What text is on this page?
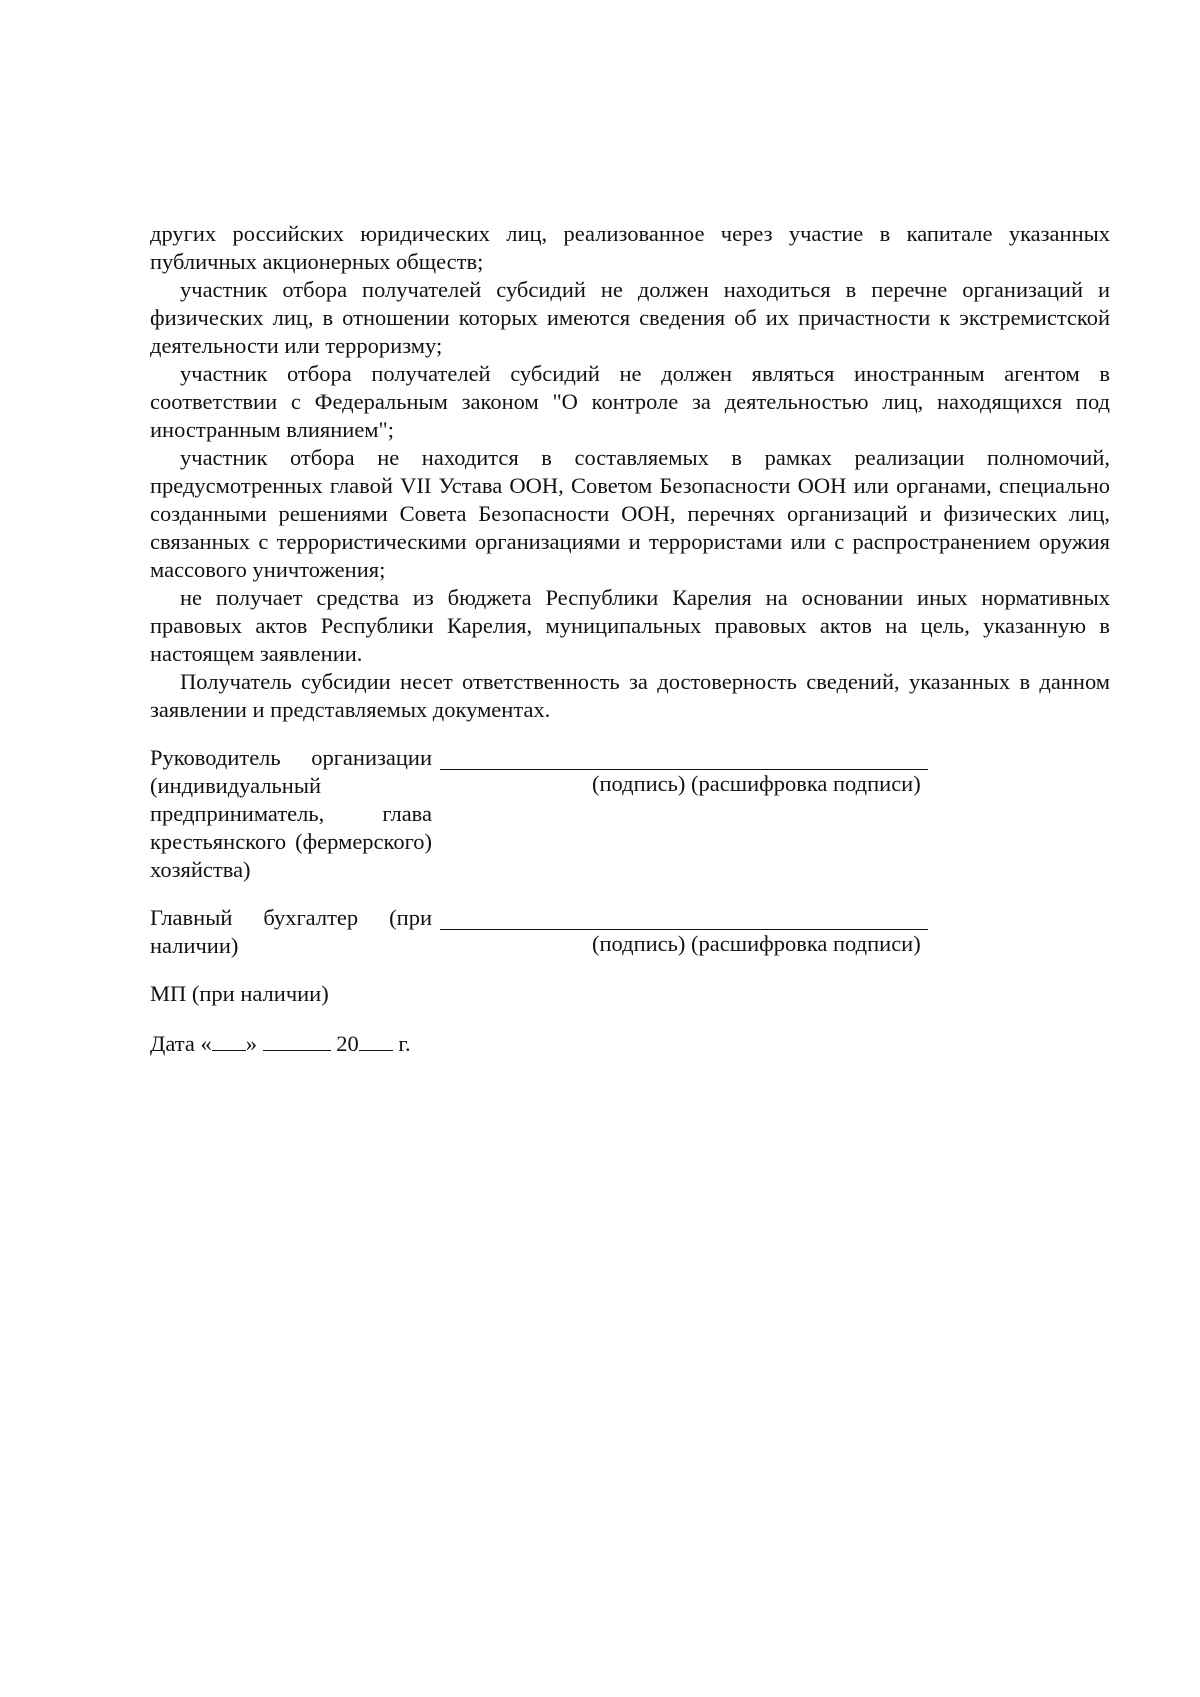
других российских юридических лиц, реализованное через участие в капитале указанных публичных акционерных обществ;

участник отбора получателей субсидий не должен находиться в перечне организаций и физических лиц, в отношении которых имеются сведения об их причастности к экстремистской деятельности или терроризму;

участник отбора получателей субсидий не должен являться иностранным агентом в соответствии с Федеральным законом "О контроле за деятельностью лиц, находящихся под иностранным влиянием";

участник отбора не находится в составляемых в рамках реализации полномочий, предусмотренных главой VII Устава ООН, Советом Безопасности ООН или органами, специально созданными решениями Совета Безопасности ООН, перечнях организаций и физических лиц, связанных с террористическими организациями и террористами или с распространением оружия массового уничтожения;

не получает средства из бюджета Республики Карелия на основании иных нормативных правовых актов Республики Карелия, муниципальных правовых актов на цель, указанную в настоящем заявлении.

Получатель субсидии несет ответственность за достоверность сведений, указанных в данном заявлении и представляемых документах.

Руководитель организации (индивидуальный предприниматель, глава крестьянского (фермерского) хозяйства)

(подпись) (расшифровка подписи)

Главный бухгалтер (при наличии)	(подпись) (расшифровка подписи)
МП (при наличии)
Дата « »	20 г.
